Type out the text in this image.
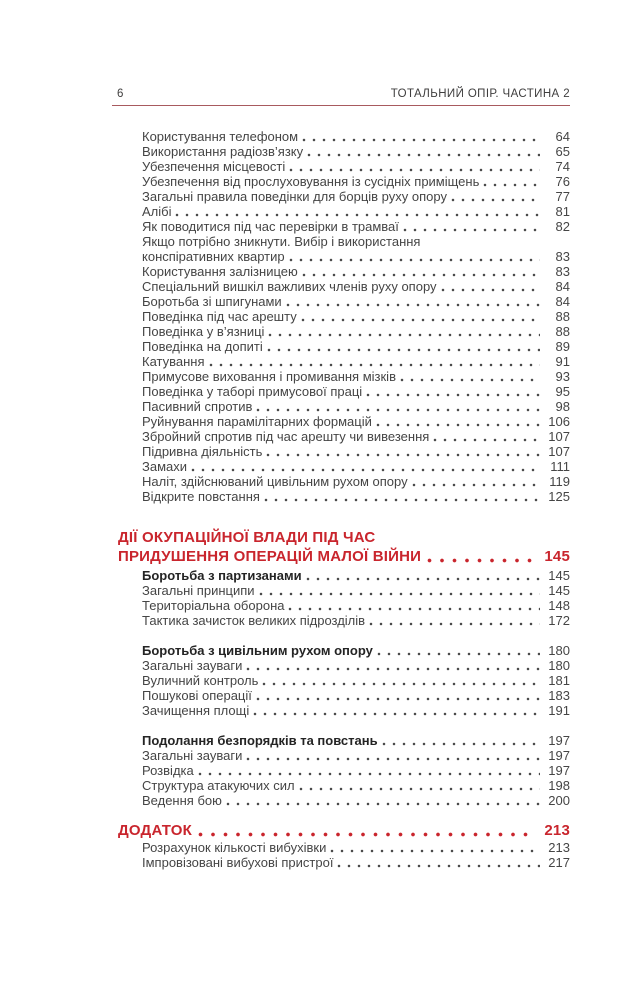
6	ТОТАЛЬНИЙ ОПІР. ЧАСТИНА 2
Користування телефоном	64
Використання радіозв’язку	65
Убезпечення місцевості	74
Убезпечення від прослуховування із сусідніх приміщень	76
Загальні правила поведінки для борців руху опору	77
Алібі	81
Як поводитися під час перевірки в трамваї	82
Якщо потрібно зникнути. Вибір і використання
конспіративних квартир	83
Користування залізницею	83
Спеціальний вишкіл важливих членів руху опору	84
Боротьба зі шпигунами	84
Поведінка під час арешту	88
Поведінка у в’язниці	88
Поведінка на допиті	89
Катування	91
Примусове виховання і промивання мізків	93
Поведінка у таборі примусової праці	95
Пасивний спротив	98
Руйнування парамілітарних формацій	106
Збройний спротив під час арешту чи вивезення	107
Підривна діяльність	107
Замахи	111
Наліт, здійснюваний цивільним рухом опору	119
Відкрите повстання	125
ДІЇ ОКУПАЦІЙНОЇ ВЛАДИ ПІД ЧАС
ПРИДУШЕННЯ ОПЕРАЦІЙ МАЛОЇ ВІЙНИ	145
Боротьба з партизанами	145
Загальні принципи	145
Територіальна оборона	148
Тактика зачисток великих підрозділів	172
Боротьба з цивільним рухом опору	180
Загальні зауваги	180
Вуличний контроль	181
Пошукові операції	183
Зачищення площі	191
Подолання безпорядків та повстань	197
Загальні зауваги	197
Розвідка	197
Структура атакуючих сил	198
Ведення бою	200
ДОДАТОК	213
Розрахунок кількості вибухівки	213
Імпровізовані вибухові пристрої	217
